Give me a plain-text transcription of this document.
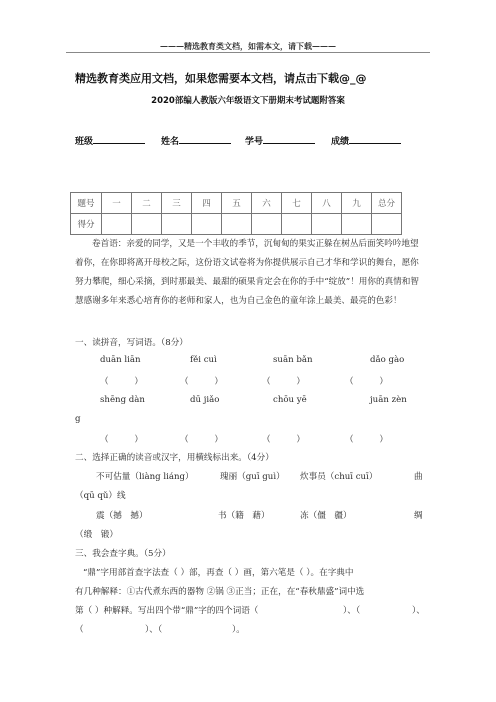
———精选教育类文档，如需本文，请下载———
精选教育类应用文档，如果您需要本文档，请点击下载@_@
2020部编人教版六年级语文下册期末考试题附答案
班级	姓名	学号	成绩
题号	一	二	三	四	五	六	七	八	九	总分
得分										
卷首语：亲爱的同学，又是一个丰收的季节，沉甸甸的果实正躲在树丛后面笑吟吟地望着你，在你即将离开母校之际，这份语文试卷将为你提供展示自己才华和学识的舞台，愿你努力攀爬，细心采摘，到时那最美、最甜的硕果肯定会在你的手中“绽放”！用你的真情和智慧感谢多年来悉心培育你的老师和家人，也为自己金色的童年涂上最美、最亮的色彩！
一、读拼音，写词语。（8分）
duān liān	fěi cuì	suān bǎn	dǎo gào
（　　　）	（　　　）	（　　　）	（　　　）
shēng dàn	dū jiǎo	chōu yē	juān zèn
g
（　　　）	（　　　）	（　　　）	（　　　）
二、选择正确的读音或汉字，用横线标出来。（4分）
不可估量（liàng liáng）	瑰丽（guī guì） 炊事员（chuī cuī）	曲
（qū qǔ）线
震（撼　撼）	书（籍　藉）	冻（僵　疆）	绸
（缎　锻）
三、我会查字典。（5分）
“鼎”字用部首查字法查（ ）部，再查（ ）画，第六笔是（ ）。在字典中
有几种解释：①古代煮东西的器物 ②锅 ③正当；正在，在“春秋鼎盛”词中选
第（ ）种解释。写出四个带“鼎”字的四个词语（	）、（	）、
（	）、（	）。
